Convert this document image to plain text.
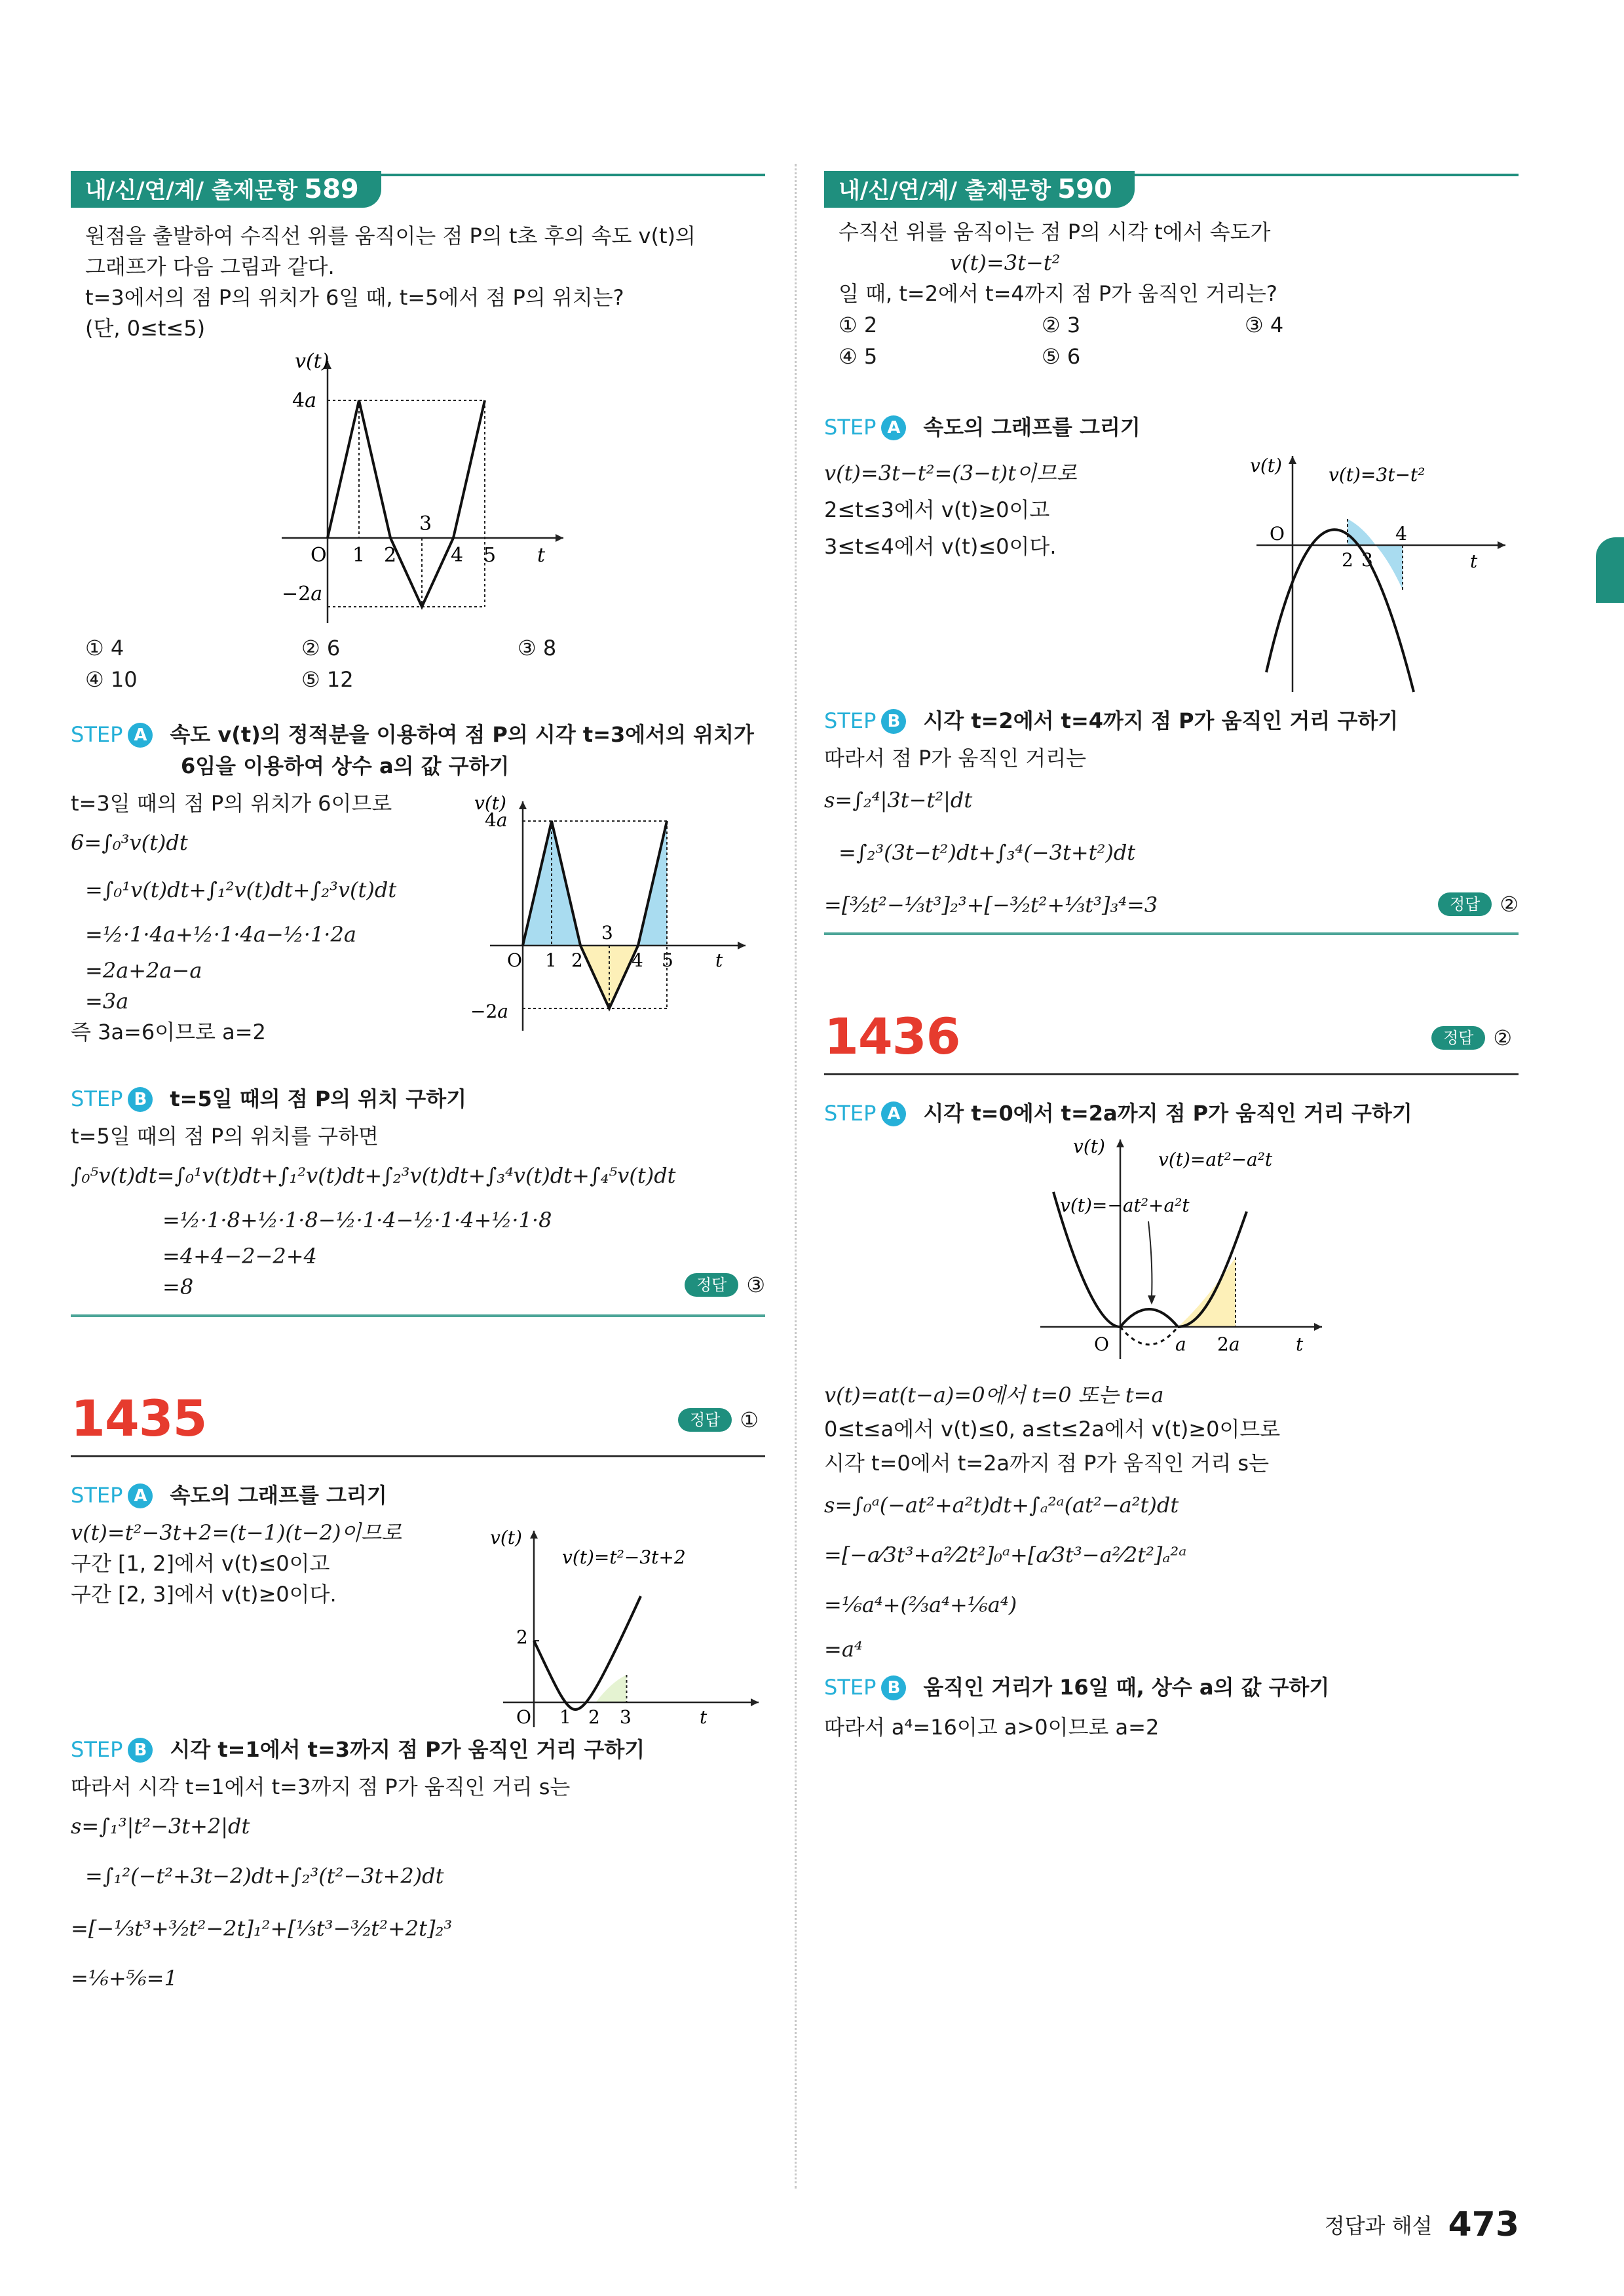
내/신/연/계/ 출제문항 589

원점을 출발하여 수직선 위를 움직이는 점 P의 t초 후의 속도 v(t)의

그래프가 다음 그림과 같다.

t=3에서의 점 P의 위치가 6일 때, t=5에서 점 P의 위치는?

(단, 0≤t≤5)

v(t)
4a
−2a
O 1 2
3
4 5 t
① 4	② 6	③ 8
④ 10	⑤ 12

STEP A 속도 v(t)의 정적분을 이용하여 점 P의 시각 t=3에서의 위치가

6임을 이용하여 상수 a의 값 구하기

t=3일 때의 점 P의 위치가 6이므로

6=∫₀³v(t)dt

=∫₀¹v(t)dt+∫₁²v(t)dt+∫₂³v(t)dt

=½·1·4a+½·1·4a−½·1·2a

=2a+2a−a

=3a

즉 3a=6이므로 a=2

v(t)
4a
−2a
O 1 2
3
4 5 t

STEP B t=5일 때의 점 P의 위치 구하기

t=5일 때의 점 P의 위치를 구하면

∫₀⁵v(t)dt=∫₀¹v(t)dt+∫₁²v(t)dt+∫₂³v(t)dt+∫₃⁴v(t)dt+∫₄⁵v(t)dt

=½·1·8+½·1·8−½·1·4−½·1·4+½·1·8

=4+4−2−2+4

=8	정답 ③
1435	정답 ①

STEP A 속도의 그래프를 그리기

v(t)=t²−3t+2=(t−1)(t−2)이므로

구간 [1, 2]에서 v(t)≤0이고

구간 [2, 3]에서 v(t)≥0이다.

v(t)
v(t)=t²−3t+2
2
O 1 2 3	t

STEP B 시각 t=1에서 t=3까지 점 P가 움직인 거리 구하기

따라서 시각 t=1에서 t=3까지 점 P가 움직인 거리 s는

s=∫₁³|t²−3t+2|dt

=∫₁²(−t²+3t−2)dt+∫₂³(t²−3t+2)dt

=[−⅓t³+³⁄₂t²−2t]₁²+[⅓t³−³⁄₂t²+2t]₂³

=⅙+⅚=1

내/신/연/계/ 출제문항 590

수직선 위를 움직이는 점 P의 시각 t에서 속도가

v(t)=3t−t²

일 때, t=2에서 t=4까지 점 P가 움직인 거리는?

① 2	② 3	③ 4
④ 5	⑤ 6

STEP A 속도의 그래프를 그리기

v(t)=3t−t²=(3−t)t이므로

2≤t≤3에서 v(t)≥0이고

3≤t≤4에서 v(t)≤0이다.

v(t)	v(t)=3t−t²
O
2 3
4
t

STEP B 시각 t=2에서 t=4까지 점 P가 움직인 거리 구하기

따라서 점 P가 움직인 거리는

s=∫₂⁴|3t−t²|dt

=∫₂³(3t−t²)dt+∫₃⁴(−3t+t²)dt

=[³⁄₂t²−⅓t³]₂³+[−³⁄₂t²+⅓t³]₃⁴=3	정답 ②
1436	정답 ②

STEP A 시각 t=0에서 t=2a까지 점 P가 움직인 거리 구하기

v(t)
v(t)=at²−a²t
v(t)=−at²+a²t
O	a 2a	t

v(t)=at(t−a)=0에서 t=0 또는 t=a

0≤t≤a에서 v(t)≤0, a≤t≤2a에서 v(t)≥0이므로

시각 t=0에서 t=2a까지 점 P가 움직인 거리 s는

s=∫₀ᵃ(−at²+a²t)dt+∫ₐ²ᵃ(at²−a²t)dt

=[−a⁄3t³+a²⁄2t²]₀ᵃ+[a⁄3t³−a²⁄2t²]ₐ²ᵃ

=⅙a⁴+(⅔a⁴+⅙a⁴)

=a⁴

STEP B 움직인 거리가 16일 때, 상수 a의 값 구하기

따라서 a⁴=16이고 a>0이므로 a=2

정답과 해설 473
